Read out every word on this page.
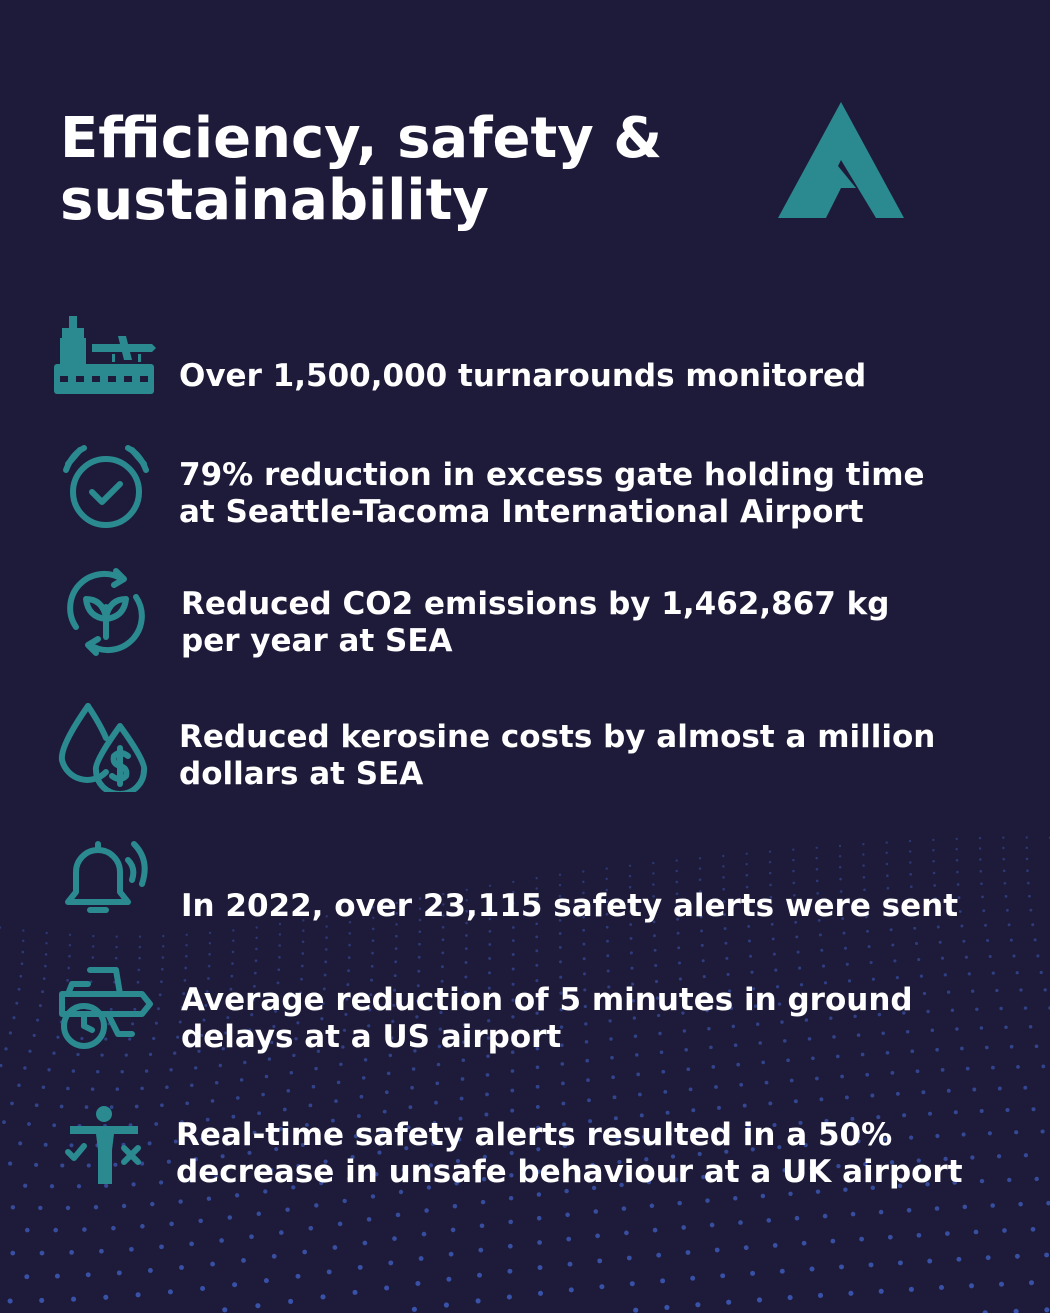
Efficiency, safety & sustainability
Over 1,500,000 turnarounds monitored
79% reduction in excess gate holding time
at Seattle-Tacoma International Airport
Reduced CO2 emissions by 1,462,867 kg
per year at SEA
Reduced kerosine costs by almost a million
dollars at SEA
In 2022, over 23,115 safety alerts were sent
Average reduction of 5 minutes in ground
delays at a US airport
Real-time safety alerts resulted in a 50%
decrease in unsafe behaviour at a UK airport
